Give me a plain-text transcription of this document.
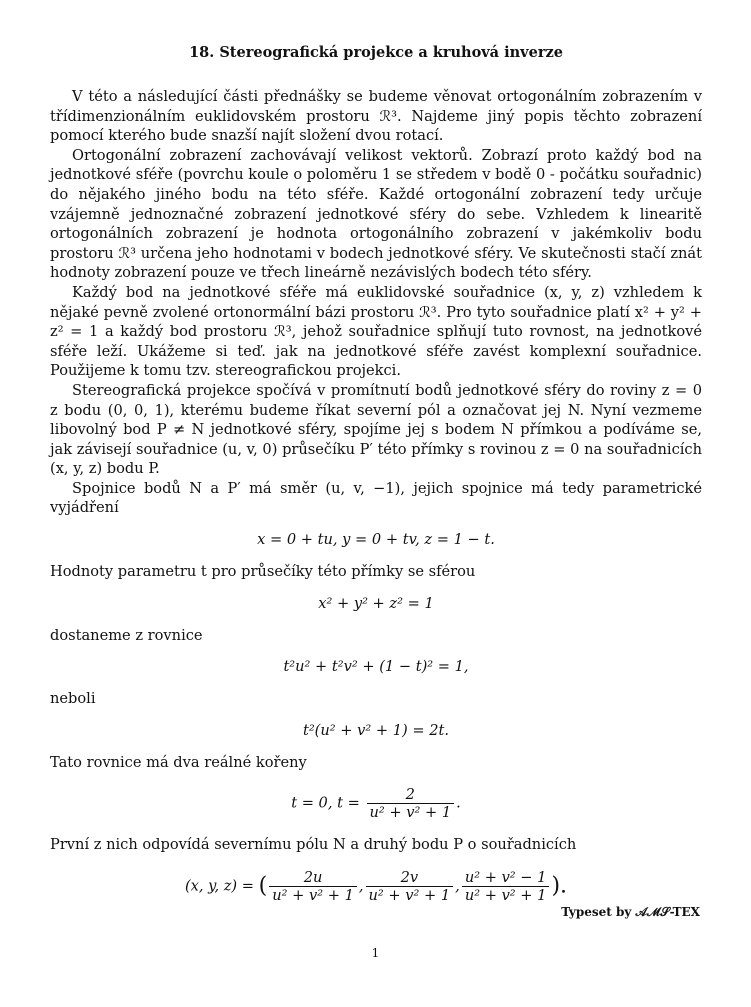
18. Stereografická projekce a kruhová inverze

V této a následující části přednášky se budeme věnovat ortogonálním zobrazením v třídimenzionálním euklidovském prostoru ℛ³. Najdeme jiný popis těchto zobrazení pomocí kterého bude snazší najít složení dvou rotací.

Ortogonální zobrazení zachovávají velikost vektorů. Zobrazí proto každý bod na jednotkové sféře (povrchu koule o poloměru 1 se středem v bodě 0 - počátku souřadnic) do nějakého jiného bodu na této sféře. Každé ortogonální zobrazení tedy určuje vzájemně jednoznačné zobrazení jednotkové sféry do sebe. Vzhledem k linearitě ortogonálních zobrazení je hodnota ortogonálního zobrazení v jakémkoliv bodu prostoru ℛ³ určena jeho hodnotami v bodech jednotkové sféry. Ve skutečnosti stačí znát hodnoty zobrazení pouze ve třech lineárně nezávislých bodech této sféry.

Každý bod na jednotkové sféře má euklidovské souřadnice (x, y, z) vzhledem k nějaké pevně zvolené ortonormální bázi prostoru ℛ³. Pro tyto souřadnice platí x² + y² + z² = 1 a každý bod prostoru ℛ³, jehož souřadnice splňují tuto rovnost, na jednotkové sféře leží. Ukážeme si teď. jak na jednotkové sféře zavést komplexní souřadnice. Použijeme k tomu tzv. stereografickou projekci.

Stereografická projekce spočívá v promítnutí bodů jednotkové sféry do roviny z = 0 z bodu (0, 0, 1), kterému budeme říkat severní pól a označovat jej N. Nyní vezmeme libovolný bod P ≠ N jednotkové sféry, spojíme jej s bodem N přímkou a podíváme se, jak závisejí souřadnice (u, v, 0) průsečíku P′ této přímky s rovinou z = 0 na souřadnicích (x, y, z) bodu P.

Spojnice bodů N a P′ má směr (u, v, −1), jejich spojnice má tedy parametrické vyjádření

x = 0 + tu, y = 0 + tv, z = 1 − t.

Hodnoty parametru t pro průsečíky této přímky se sférou

x² + y² + z² = 1

dostaneme z rovnice

t²u² + t²v² + (1 − t)² = 1,

neboli

t²(u² + v² + 1) = 2t.

Tato rovnice má dva reálné kořeny

t = 0, $t = \frac{2}{\text{u² + v² + 1}}$ .

První z nich odpovídá severnímu pólu N a druhý bodu P o souřadnicích

(x, y, z) = ( $\frac{2u}{\text{u² + v² + 1}}$ , $\frac{2v}{\text{u² + v² + 1}}$ , $\frac{\text{u² + v² − 1}}{\text{u² + v² + 1}}$ ).
Typeset by 𝒜ℳ𝒮-TEX
1
